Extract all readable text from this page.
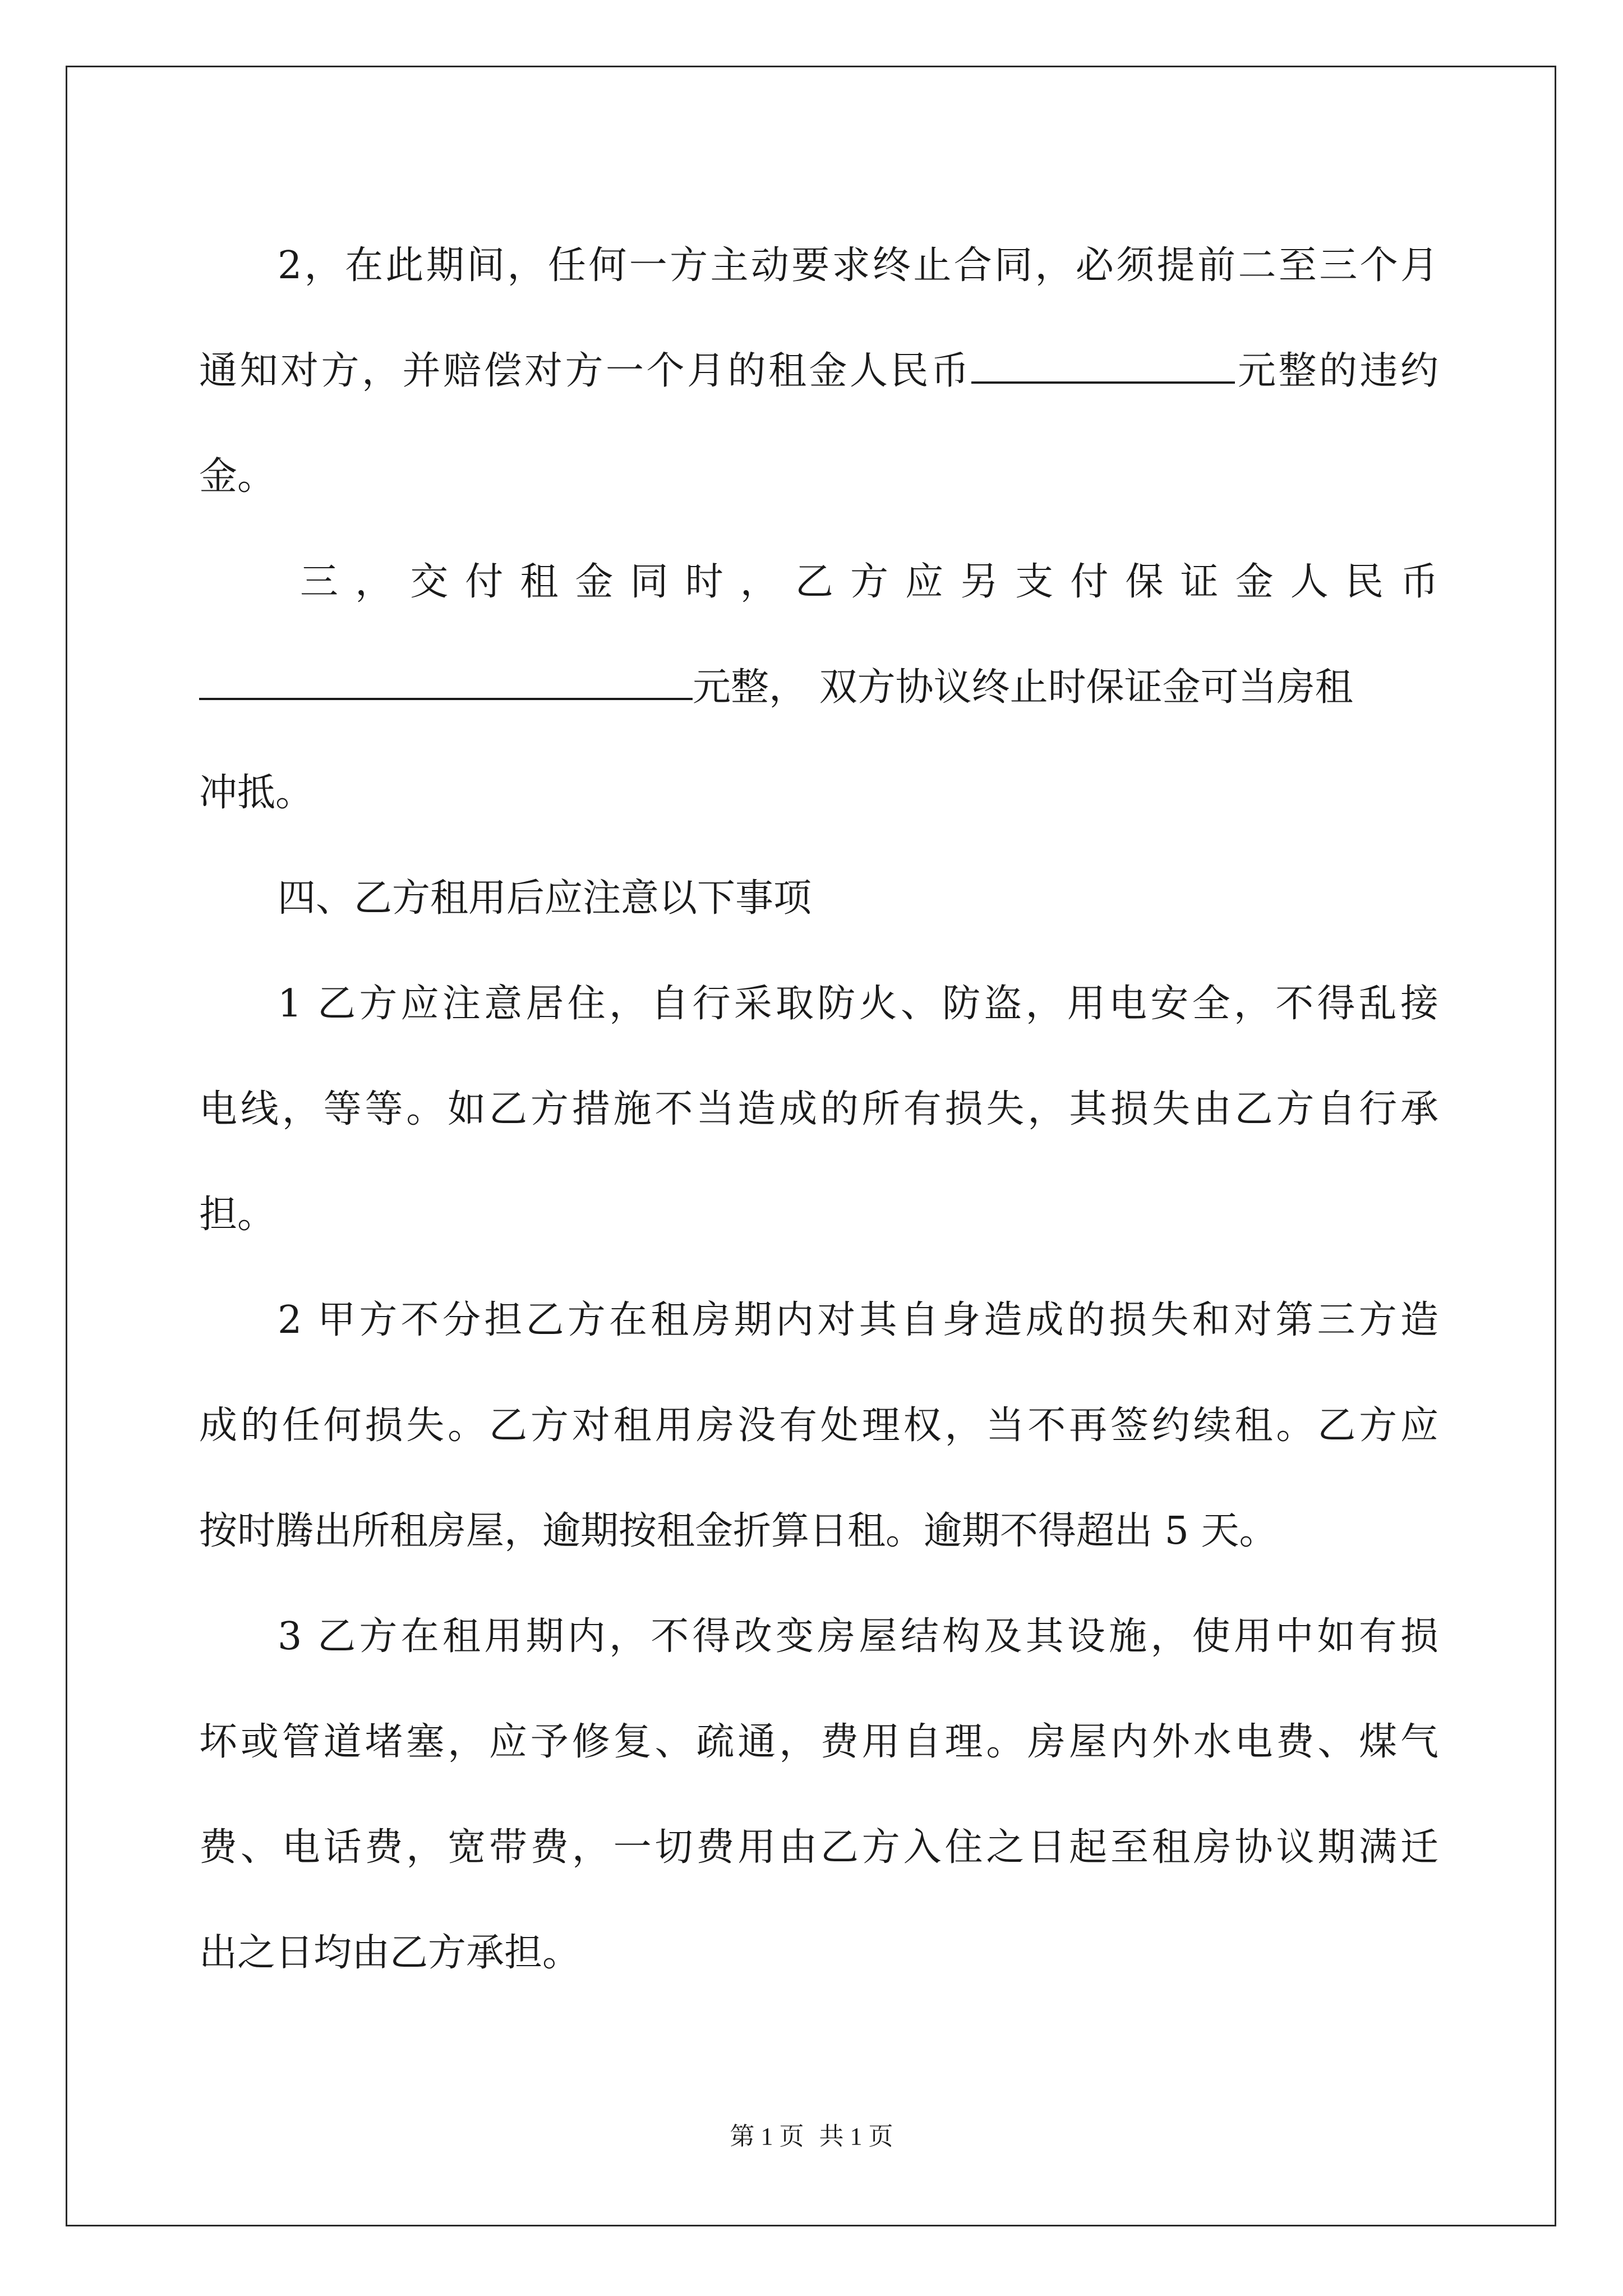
2，在此期间，任何一方主动要求终止合同，必须提前二至三个月
通知对方，并赔偿对方一个月的租金人民币	元整的违约
金。
三，交付租金同时，乙方应另支付保证金人民币
元整， 双方协议终止时保证金可当房租
冲抵。
四、乙方租用后应注意以下事项
1 乙方应注意居住，自行采取防火、防盗，用电安全，不得乱接
电线，等等。如乙方措施不当造成的所有损失，其损失由乙方自行承
担。
2 甲方不分担乙方在租房期内对其自身造成的损失和对第三方造
成的任何损失。乙方对租用房没有处理权，当不再签约续租。乙方应
按时腾出所租房屋，逾期按租金折算日租。逾期不得超出 5 天。
3 乙方在租用期内，不得改变房屋结构及其设施，使用中如有损
坏或管道堵塞，应予修复、疏通，费用自理。房屋内外水电费、煤气
费、电话费，宽带费，一切费用由乙方入住之日起至租房协议期满迁
出之日均由乙方承担。
第 1 页 共 1 页
